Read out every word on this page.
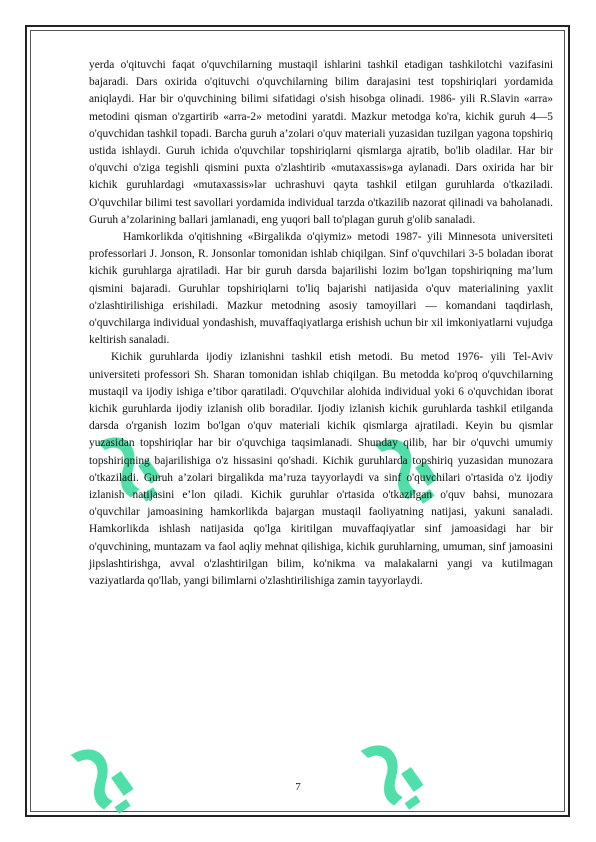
yerda o'qituvchi faqat o'quvchilarning mustaqil ishlarini tashkil etadigan tashkilotchi vazifasini bajaradi. Dars oxirida o'qituvchi o'quvchilarning bilim darajasini test topshiriqlari yordamida aniqlaydi. Har bir o'quvchining bilimi sifatidagi o'sish hisobga olinadi. 1986- yili R.Slavin «arra» metodini qisman o'zgartirib «arra-2» metodini yaratdi. Mazkur metodga ko'ra, kichik guruh 4—5 o'quvchidan tashkil topadi. Barcha guruh a’zolari o'quv materiali yuzasidan tuzilgan yagona topshiriq ustida ishlaydi. Guruh ichida o'quvchilar topshiriqlarni qismlarga ajratib, bo'lib oladilar. Har bir o'quvchi o'ziga tegishli qismini puxta o'zlashtirib «mutaxassis»ga aylanadi. Dars oxirida har bir kichik guruhlardagi «mutaxassis»lar uchrashuvi qayta tashkil etilgan guruhlarda o'tkaziladi. O'quvchilar bilimi test savollari yordamida individual tarzda o'tkazilib nazorat qilinadi va baholanadi. Guruh a’zolarining ballari jamlanadi, eng yuqori ball to'plagan guruh g'olib sanaladi.

Hamkorlikda o'qitishning «Birgalikda o'qiymiz» metodi 1987- yili Minnesota universiteti professorlari J. Jonson, R. Jonsonlar tomonidan ishlab chiqilgan. Sinf o'quvchilari 3-5 boladan iborat kichik guruhlarga ajratiladi. Har bir guruh darsda bajarilishi lozim bo'lgan topshiriqning ma’lum qismini bajaradi. Guruhlar topshiriqlarni to'liq bajarishi natijasida o'quv materialining yaxlit o'zlashtirilishiga erishiladi. Mazkur metodning asosiy tamoyillari — komandani taqdirlash, o'quvchilarga individual yondashish, muvaffaqiyatlarga erishish uchun bir xil imkoniyatlarni vujudga keltirish sanaladi.

Kichik guruhlarda ijodiy izlanishni tashkil etish metodi. Bu metod 1976- yili Tel-Aviv universiteti professori Sh. Sharan tomonidan ishlab chiqilgan. Bu metodda ko'proq o'quvchilarning mustaqil va ijodiy ishiga e’tibor qaratiladi. O'quvchilar alohida individual yoki 6 o'quvchidan iborat kichik guruhlarda ijodiy izlanish olib boradilar. Ijodiy izlanish kichik guruhlarda tashkil etilganda darsda o'rganish lozim bo'lgan o'quv materiali kichik qismlarga ajratiladi. Keyin bu qismlar yuzasidan topshiriqlar har bir o'quvchiga taqsimlanadi. Shunday qilib, har bir o'quvchi umumiy topshiriqning bajarilishiga o'z hissasini qo'shadi. Kichik guruhlarda topshiriq yuzasidan munozara o'tkaziladi. Guruh a’zolari birgalikda ma’ruza tayyorlaydi va sinf o'quvchilari o'rtasida o'z ijodiy izlanish natijasini e’lon qiladi. Kichik guruhlar o'rtasida o'tkazilgan o'quv bahsi, munozara o'quvchilar jamoasining hamkorlikda bajargan mustaqil faoliyatning natijasi, yakuni sanaladi. Hamkorlikda ishlash natijasida qo'lga kiritilgan muvaffaqiyatlar sinf jamoasidagi har bir o'quvchining, muntazam va faol aqliy mehnat qilishiga, kichik guruhlarning, umuman, sinf jamoasini jipslashtirishga, avval o'zlashtirilgan bilim, ko'nikma va malakalarni yangi va kutilmagan vaziyatlarda qo'llab, yangi bilimlarni o'zlashtirilishiga zamin tayyorlaydi.

7
